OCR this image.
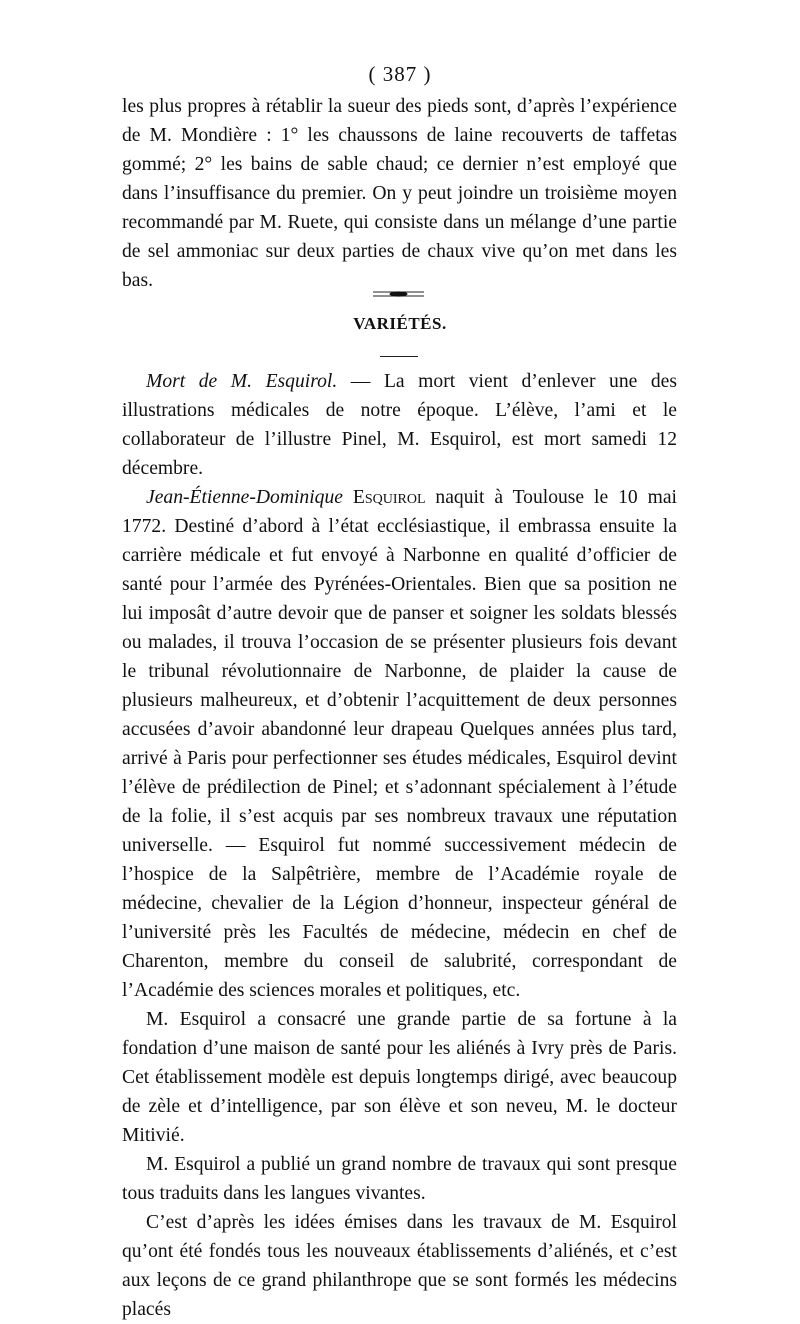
( 387 )

les plus propres à rétablir la sueur des pieds sont, d’après l’expérience de M. Mondière : 1° les chaussons de laine recouverts de taffetas gommé; 2° les bains de sable chaud; ce dernier n’est employé que dans l’insuffisance du premier. On y peut joindre un troisième moyen recommandé par M. Ruete, qui consiste dans un mélange d’une partie de sel ammoniac sur deux parties de chaux vive qu’on met dans les bas.

VARIÉTÉS.

Mort de M. Esquirol. — La mort vient d’enlever une des illustrations médicales de notre époque. L’élève, l’ami et le collaborateur de l’illustre Pinel, M. Esquirol, est mort samedi 12 décembre.

Jean-Étienne-Dominique Esquirol naquit à Toulouse le 10 mai 1772. Destiné d’abord à l’état ecclésiastique, il embrassa ensuite la carrière médicale et fut envoyé à Narbonne en qualité d’officier de santé pour l’armée des Pyrénées-Orientales. Bien que sa position ne lui imposât d’autre devoir que de panser et soigner les soldats blessés ou malades, il trouva l’occasion de se présenter plusieurs fois devant le tribunal révolutionnaire de Narbonne, de plaider la cause de plusieurs malheureux, et d’obtenir l’acquittement de deux personnes accusées d’avoir abandonné leur drapeau Quelques années plus tard, arrivé à Paris pour perfectionner ses études médicales, Esquirol devint l’élève de prédilection de Pinel; et s’adonnant spécialement à l’étude de la folie, il s’est acquis par ses nombreux travaux une réputation universelle. — Esquirol fut nommé successivement médecin de l’hospice de la Salpêtrière, membre de l’Académie royale de médecine, chevalier de la Légion d’honneur, inspecteur général de l’université près les Facultés de médecine, médecin en chef de Charenton, membre du conseil de salubrité, correspondant de l’Académie des sciences morales et politiques, etc.

M. Esquirol a consacré une grande partie de sa fortune à la fondation d’une maison de santé pour les aliénés à Ivry près de Paris. Cet établissement modèle est depuis longtemps dirigé, avec beaucoup de zèle et d’intelligence, par son élève et son neveu, M. le docteur Mitivié.

M. Esquirol a publié un grand nombre de travaux qui sont presque tous traduits dans les langues vivantes.

C’est d’après les idées émises dans les travaux de M. Esquirol qu’ont été fondés tous les nouveaux établissements d’aliénés, et c’est aux leçons de ce grand philanthrope que se sont formés les médecins placés
